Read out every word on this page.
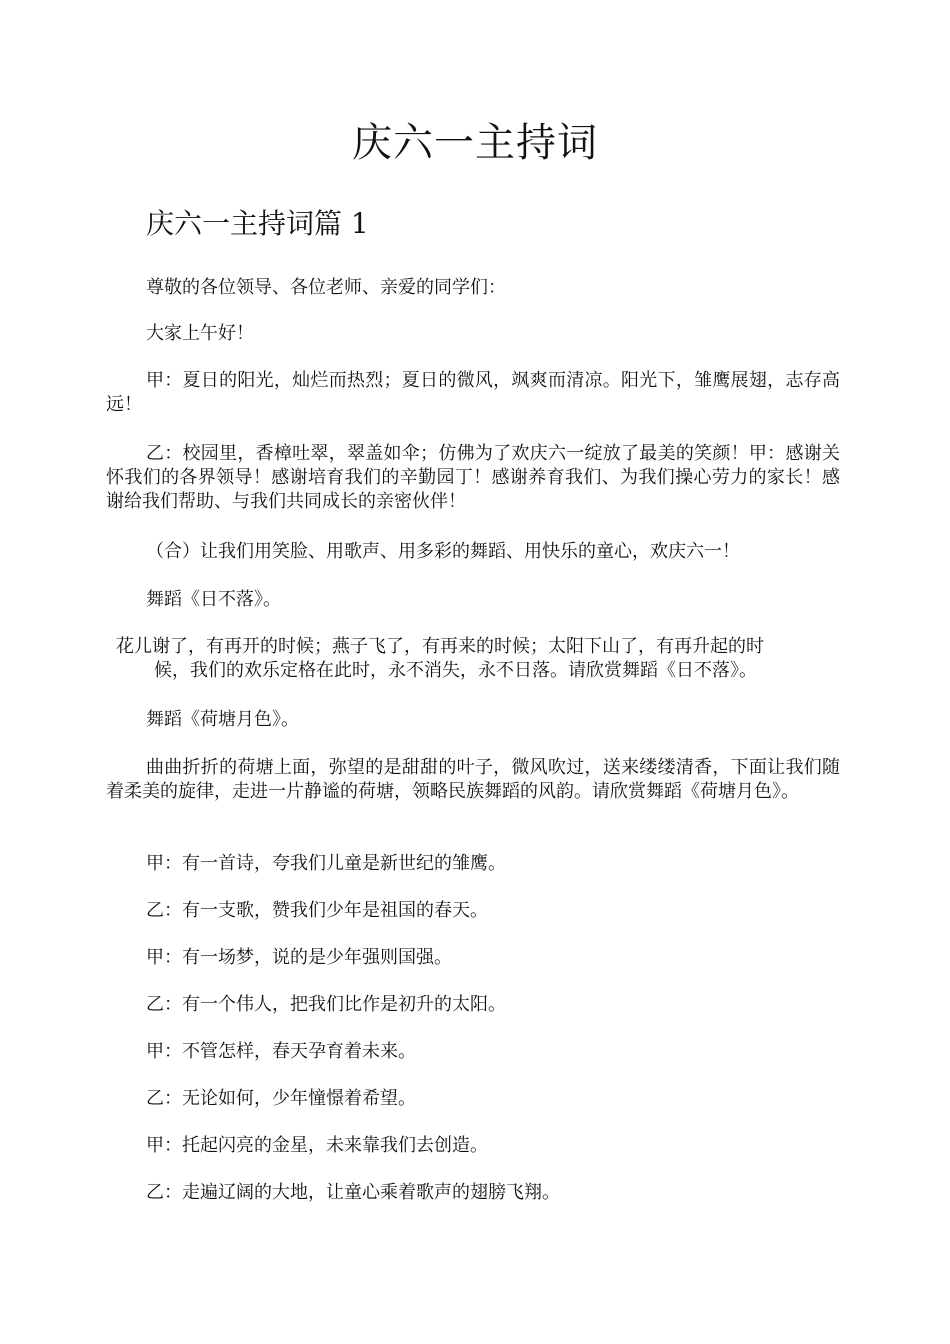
庆六一主持词
庆六一主持词篇 1

尊敬的各位领导、各位老师、亲爱的同学们：

大家上午好！

甲：夏日的阳光，灿烂而热烈；夏日的微风，飒爽而清凉。阳光下，雏鹰展翅，志存高远！

乙：校园里，香樟吐翠，翠盖如伞；仿佛为了欢庆六一绽放了最美的笑颜！甲：感谢关怀我们的各界领导！感谢培育我们的辛勤园丁！感谢养育我们、为我们操心劳力的家长！感谢给我们帮助、与我们共同成长的亲密伙伴！

（合）让我们用笑脸、用歌声、用多彩的舞蹈、用快乐的童心，欢庆六一！

舞蹈《日不落》。

花儿谢了，有再开的时候；燕子飞了，有再来的时候；太阳下山了，有再升起的时
候，我们的欢乐定格在此时，永不消失，永不日落。请欣赏舞蹈《日不落》。

舞蹈《荷塘月色》。

曲曲折折的荷塘上面，弥望的是甜甜的叶子，微风吹过，送来缕缕清香，下面让我们随着柔美的旋律，走进一片静谧的荷塘，领略民族舞蹈的风韵。请欣赏舞蹈《荷塘月色》。

甲：有一首诗，夸我们儿童是新世纪的雏鹰。

乙：有一支歌，赞我们少年是祖国的春天。

甲：有一场梦，说的是少年强则国强。

乙：有一个伟人，把我们比作是初升的太阳。

甲：不管怎样，春天孕育着未来。

乙：无论如何，少年憧憬着希望。

甲：托起闪亮的金星，未来靠我们去创造。

乙：走遍辽阔的大地，让童心乘着歌声的翅膀飞翔。
